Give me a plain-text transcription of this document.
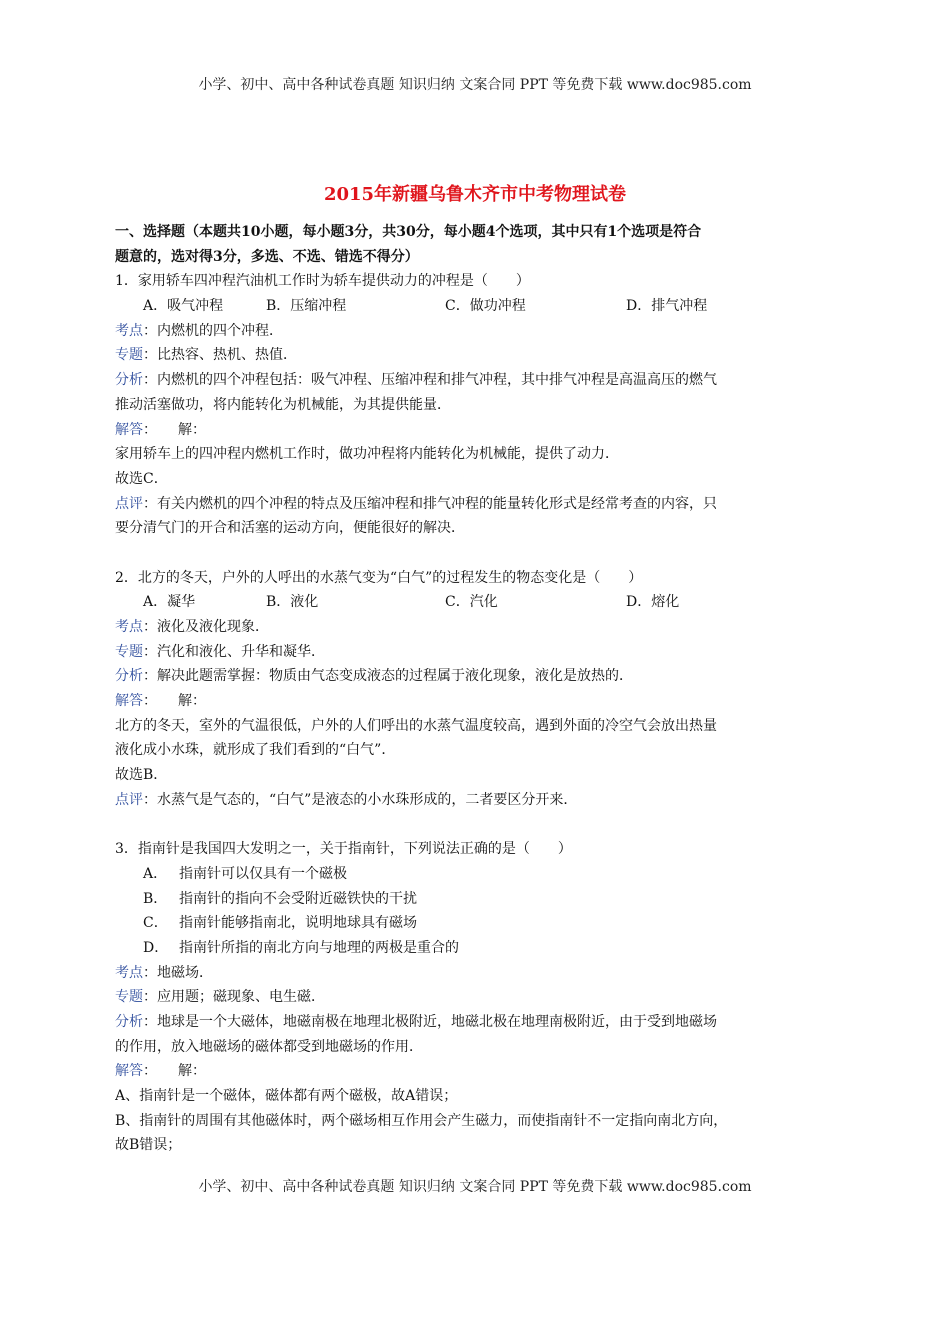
小学、初中、高中各种试卷真题 知识归纳 文案合同 PPT 等免费下载 www.doc985.com
2015年新疆乌鲁木齐市中考物理试卷
一、选择题（本题共10小题，每小题3分，共30分，每小题4个选项，其中只有1个选项是符合
题意的，选对得3分，多选、不选、错选不得分）
1．家用轿车四冲程汽油机工作时为轿车提供动力的冲程是（　　）
A．吸气冲程	B．压缩冲程	C．做功冲程	D．排气冲程
考点：内燃机的四个冲程．
专题：比热容、热机、热值．
分析：内燃机的四个冲程包括：吸气冲程、压缩冲程和排气冲程，其中排气冲程是高温高压的燃气
推动活塞做功，将内能转化为机械能，为其提供能量．
解答：　　解：
家用轿车上的四冲程内燃机工作时，做功冲程将内能转化为机械能，提供了动力．
故选C．
点评：有关内燃机的四个冲程的特点及压缩冲程和排气冲程的能量转化形式是经常考查的内容，只
要分清气门的开合和活塞的运动方向，便能很好的解决．
2．北方的冬天，户外的人呼出的水蒸气变为“白气”的过程发生的物态变化是（　　）
A．凝华	B．液化	C．汽化	D．熔化
考点：液化及液化现象．
专题：汽化和液化、升华和凝华．
分析：解决此题需掌握：物质由气态变成液态的过程属于液化现象，液化是放热的．
解答：　　解：
北方的冬天，室外的气温很低，户外的人们呼出的水蒸气温度较高，遇到外面的冷空气会放出热量
液化成小水珠，就形成了我们看到的“白气”．
故选B．
点评：水蒸气是气态的，“白气”是液态的小水珠形成的，二者要区分开来．
3．指南针是我国四大发明之一，关于指南针，下列说法正确的是（　　）
A． 指南针可以仅具有一个磁极
B． 指南针的指向不会受附近磁铁快的干扰
C． 指南针能够指南北，说明地球具有磁场
D． 指南针所指的南北方向与地理的两极是重合的
考点：地磁场．
专题：应用题；磁现象、电生磁．
分析：地球是一个大磁体，地磁南极在地理北极附近，地磁北极在地理南极附近，由于受到地磁场
的作用，放入地磁场的磁体都受到地磁场的作用．
解答：　　解：
A、指南针是一个磁体，磁体都有两个磁极，故A错误；
B、指南针的周围有其他磁体时，两个磁场相互作用会产生磁力，而使指南针不一定指向南北方向，
故B错误；
小学、初中、高中各种试卷真题 知识归纳 文案合同 PPT 等免费下载 www.doc985.com
